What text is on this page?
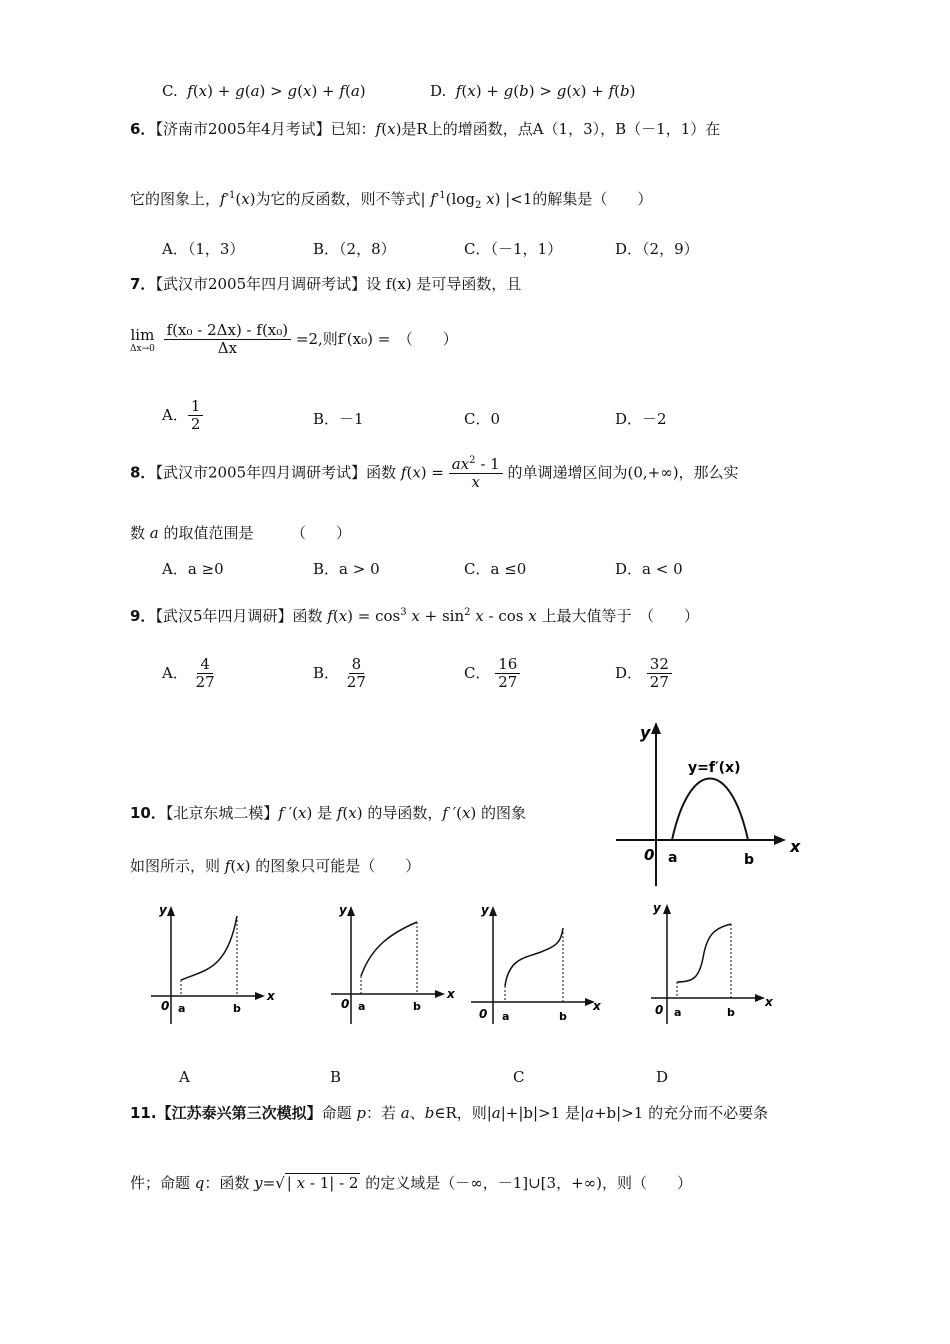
C.  f(x) + g(a) > g(x) + f(a)	D.  f(x) + g(b) > g(x) + f(b)
6．【济南市2005年4月考试】已知：f(x)是R上的增函数，点A（1，3），B（－1，1）在
它的图象上，$f^{-1}(x)$为它的反函数，则不等式| $f^{-1}(\log_2$ x) |<1的解集是（　　）
A．（1，3）	B．（2，8）	C．（－1，1）	D．（2，9）
7．【武汉市2005年四月调研考试】设 f(x) 是可导函数，且
lim
Δx→0
$\frac{\text{f(x₀ - 2Δx) - f(x₀)}}{\Delta x} =2$,则f′(x₀) =　（　　）
A． $\frac{1}{2}$	B．－1	C．0	D．－2
8．【武汉市2005年四月调研考试】函数 $f(x) = \frac{ax^2 - 1}{x}$ 的单调递增区间为(0,+∞)，那么实
数 a 的取值范围是　　　（　　）
A．a ≥0	B．a > 0	C．a ≤0	D．a < 0
9．【武汉5年四月调研】函数 $f(x) = \cos^3 x + \sin^2 x - \cos x$ 上最大值等于　（　　）
A． $\frac{4}{27}$	B． $\frac{8}{27}$	C． $\frac{16}{27}$	D． $\frac{32}{27}$
10．【北京东城二模】f ′(x) 是 f(x) 的导函数，f ′(x) 的图象
如图所示，则 f(x) 的图象只可能是（　　）
y
x
0 a	b
y=f′(x)
y
x
0 a	b
y
x
0 a	b
y
x
0 a	b
y
x
0 a	b
A	B	C	D
11.【江苏泰兴第三次模拟】命题 p：若 a、b∈R，则|a|+|b|>1 是|a+b|>1 的充分而不必要条
件；命题 q：函数 y=√ | x - 1| - 2 的定义域是（－∞，－1]∪[3，+∞)，则（　　）
